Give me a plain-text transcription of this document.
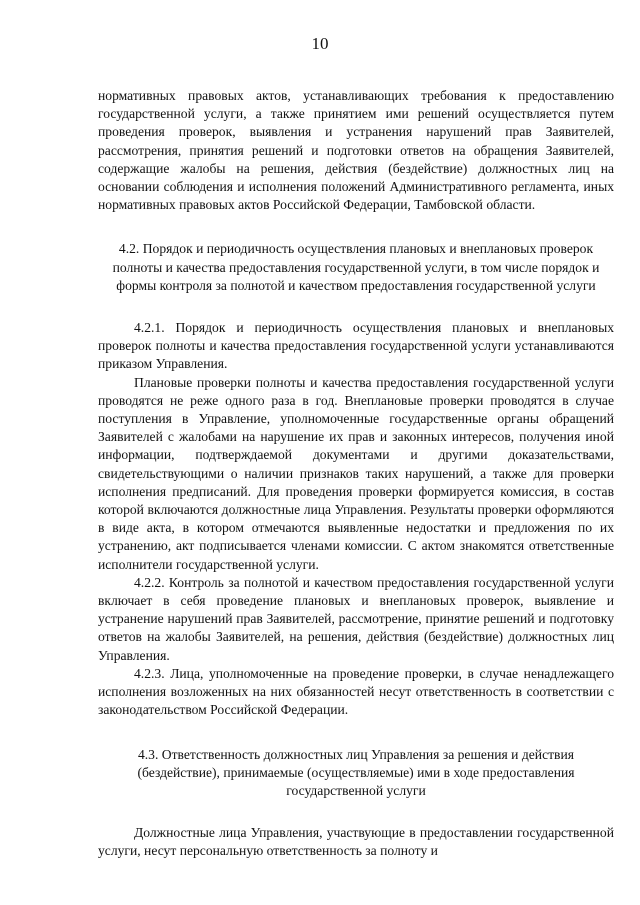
10

нормативных правовых актов, устанавливающих требования к предоставлению государственной услуги, а также принятием ими решений осуществляется путем проведения проверок, выявления и устранения нарушений прав Заявителей, рассмотрения, принятия решений и подготовки ответов на обращения Заявителей, содержащие жалобы на решения, действия (бездействие) должностных лиц на основании соблюдения и исполнения положений Административного регламента, иных нормативных правовых актов Российской Федерации, Тамбовской области.

4.2. Порядок и периодичность осуществления плановых и внеплановых проверок полноты и качества предоставления государственной услуги, в том числе порядок и формы контроля за полнотой и качеством предоставления государственной услуги

4.2.1. Порядок и периодичность осуществления плановых и внеплановых проверок полноты и качества предоставления государственной услуги устанавливаются приказом Управления.

Плановые проверки полноты и качества предоставления государственной услуги проводятся не реже одного раза в год. Внеплановые проверки проводятся в случае поступления в Управление, уполномоченные государственные органы обращений Заявителей с жалобами на нарушение их прав и законных интересов, получения иной информации, подтверждаемой документами и другими доказательствами, свидетельствующими о наличии признаков таких нарушений, а также для проверки исполнения предписаний. Для проведения проверки формируется комиссия, в состав которой включаются должностные лица Управления. Результаты проверки оформляются в виде акта, в котором отмечаются выявленные недостатки и предложения по их устранению, акт подписывается членами комиссии. С актом знакомятся ответственные исполнители государственной услуги.

4.2.2. Контроль за полнотой и качеством предоставления государственной услуги включает в себя проведение плановых и внеплановых проверок, выявление и устранение нарушений прав Заявителей, рассмотрение, принятие решений и подготовку ответов на жалобы Заявителей, на решения, действия (бездействие) должностных лиц Управления.

4.2.3. Лица, уполномоченные на проведение проверки, в случае ненадлежащего исполнения возложенных на них обязанностей несут ответственность в соответствии с законодательством Российской Федерации.

4.3. Ответственность должностных лиц Управления за решения и действия (бездействие), принимаемые (осуществляемые) ими в ходе предоставления государственной услуги

Должностные лица Управления, участвующие в предоставлении государственной услуги, несут персональную ответственность за полноту и
